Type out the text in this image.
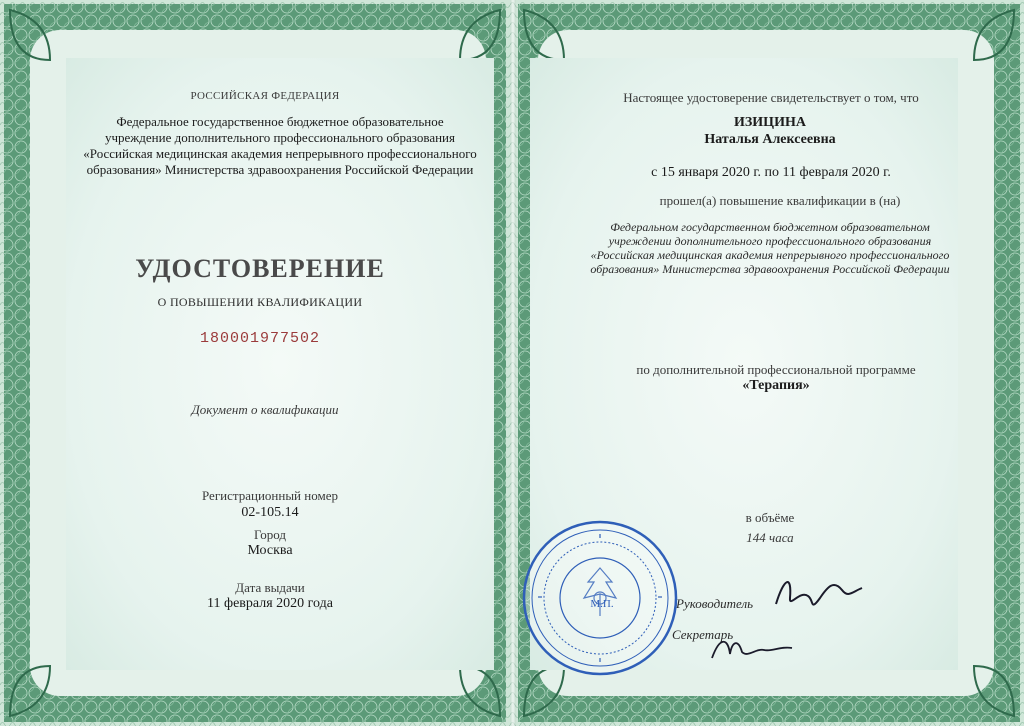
РОССИЙСКАЯ ФЕДЕРАЦИЯ
Федеральное государственное бюджетное образовательное
учреждение дополнительного профессионального образования
«Российская медицинская академия непрерывного профессионального
образования» Министерства здравоохранения Российской Федерации
УДОСТОВЕРЕНИЕ
О ПОВЫШЕНИИ КВАЛИФИКАЦИИ
180001977502
Документ о квалификации
Регистрационный номер
02-105.14
Город
Москва
Дата выдачи
11 февраля 2020 года
Настоящее удостоверение свидетельствует о том, что
ИЗИЦИНА
Наталья Алексеевна
с 15 января 2020 г. по 11 февраля 2020 г.
прошел(а) повышение квалификации в (на)
Федеральном государственном бюджетном образовательном
учреждении дополнительного профессионального образования
«Российская медицинская академия непрерывного профессионального
образования» Министерства здравоохранения Российской Федерации
по дополнительной профессиональной программе
«Терапия»
в объёме
144 часа
Руководитель
Секретарь
М.П.
